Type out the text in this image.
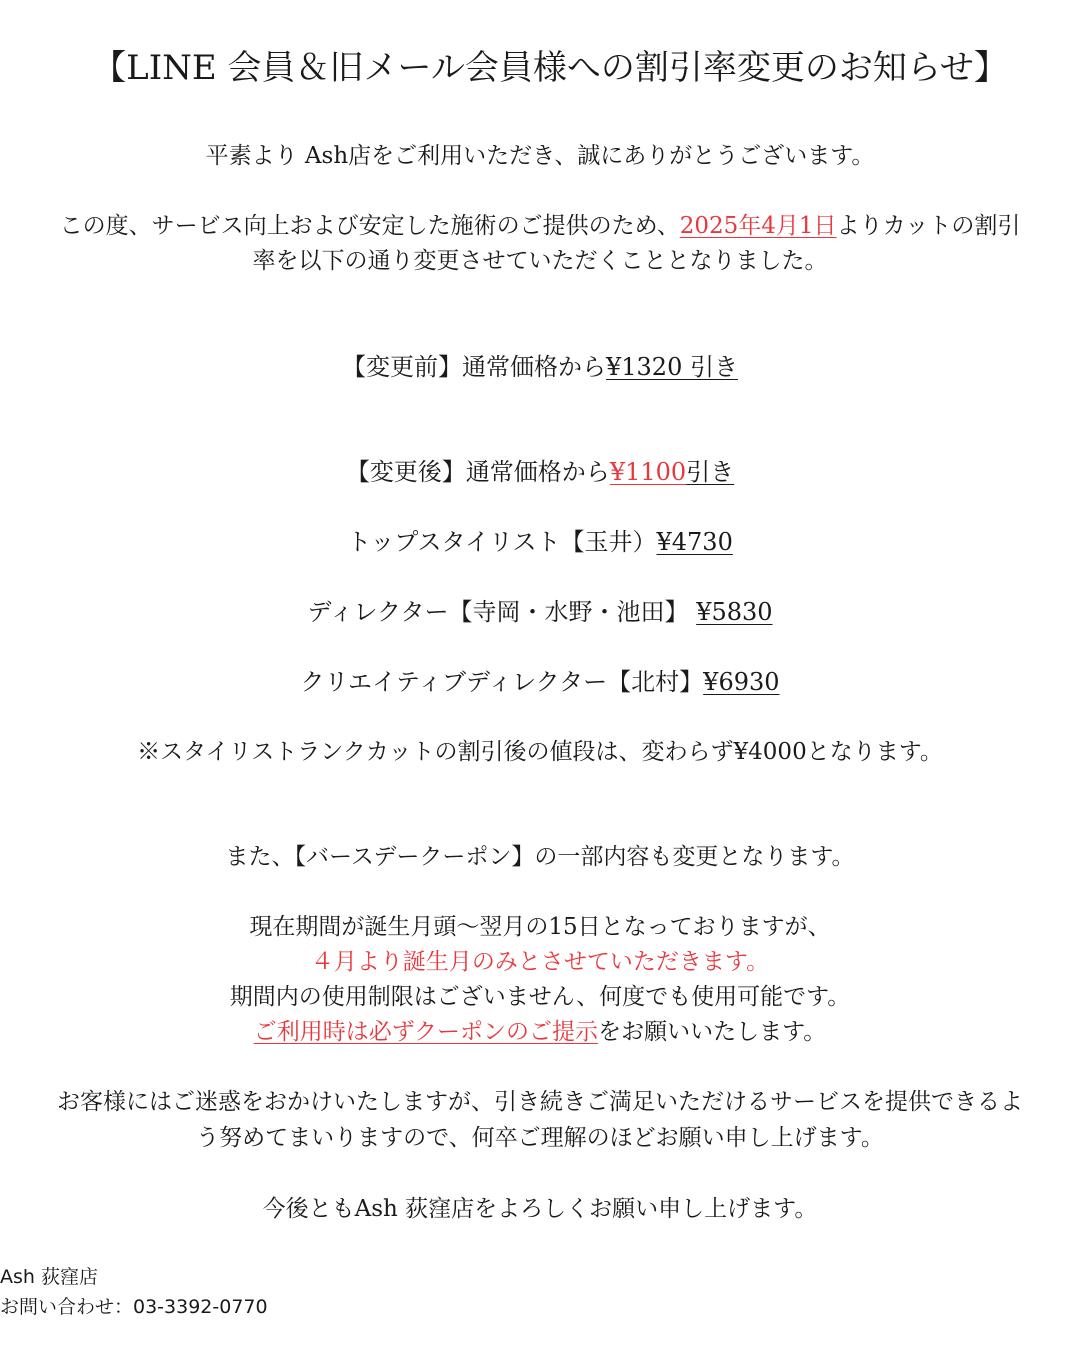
【LINE 会員＆旧メール会員様への割引率変更のお知らせ】
平素より Ash店をご利用いただき、誠にありがとうございます。
この度、サービス向上および安定した施術のご提供のため、2025年4月1日よりカットの割引
率を以下の通り変更させていただくこととなりました。
【変更前】通常価格から¥1320 引き
【変更後】通常価格から¥1100引き
トップスタイリスト【玉井）¥4730
ディレクター【寺岡・水野・池田】 ¥5830
クリエイティブディレクター【北村】¥6930
※スタイリストランクカットの割引後の値段は、変わらず¥4000となります。
また、【バースデークーポン】の一部内容も変更となります。
現在期間が誕生月頭〜翌月の15日となっておりますが、
４月より誕生月のみとさせていただきます。
期間内の使用制限はございません、何度でも使用可能です。
ご利用時は必ずクーポンのご提示をお願いいたします。
お客様にはご迷惑をおかけいたしますが、引き続きご満足いただけるサービスを提供できるよ
う努めてまいりますので、何卒ご理解のほどお願い申し上げます。
今後ともAsh 荻窪店をよろしくお願い申し上げます。
Ash 荻窪店
お問い合わせ：03-3392-0770
